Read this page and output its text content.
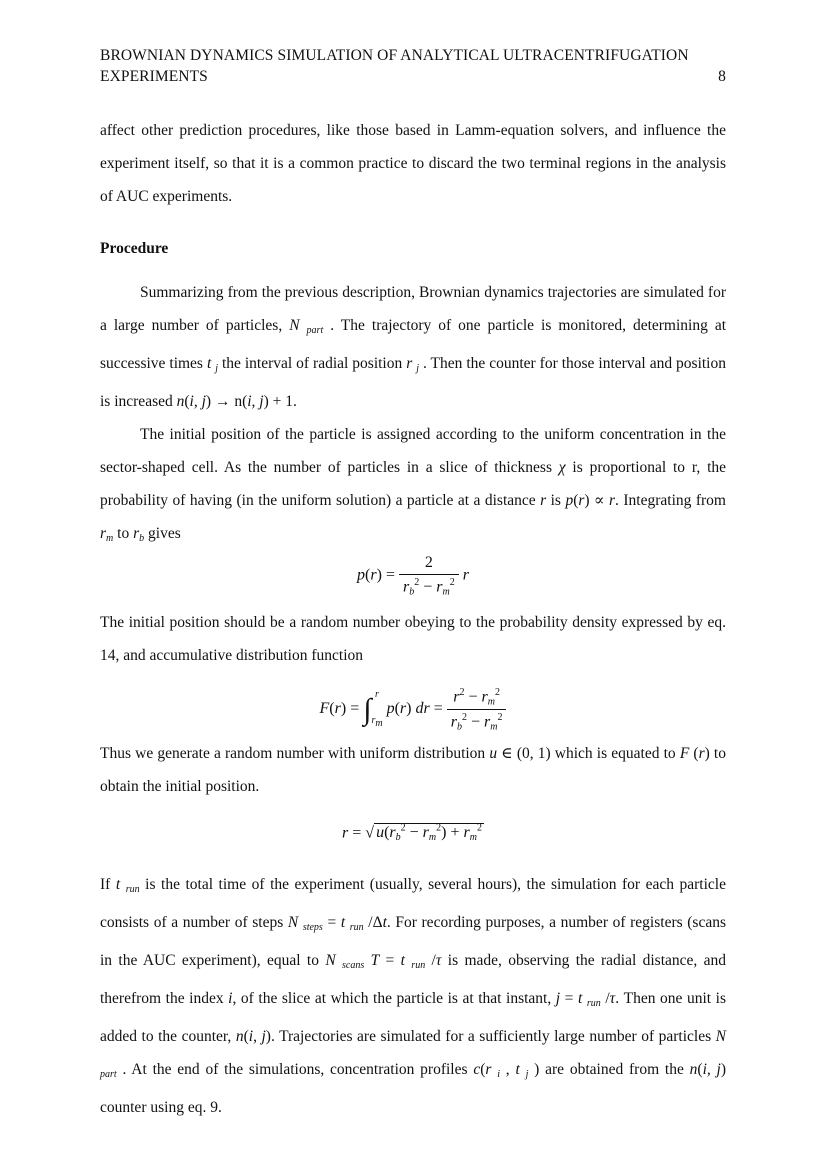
BROWNIAN DYNAMICS SIMULATION OF ANALYTICAL ULTRACENTRIFUGATION
EXPERIMENTS	8
affect other prediction procedures, like those based in Lamm-equation solvers, and influence the experiment itself, so that it is a common practice to discard the two terminal regions in the analysis of AUC experiments.
Procedure
Summarizing from the previous description, Brownian dynamics trajectories are simulated for a large number of particles, N $_{part}$ . The trajectory of one particle is monitored, determining at successive times t $_j$ the interval of radial position r $_j$ . Then the counter for those interval and position is increased n(i, j) → n(i, j) + 1.
The initial position of the particle is assigned according to the uniform concentration in the sector-shaped cell. As the number of particles in a slice of thickness χ is proportional to r, the probability of having (in the uniform solution) a particle at a distance r is p(r) ∝ r. Integrating from $r_m$ to $r_b$ gives
$p(r) = \frac{2}{r_b^2 - r_m^2}$ r
The initial position should be a random number obeying to the probability density expressed by eq. 14, and accumulative distribution function
F(r) = ∫ r
$r_m$
p(r) dr = $\frac{r^2 - r_m^2}{r_b^2 - r_m^2}$
Thus we generate a random number with uniform distribution u ∈ (0, 1) which is equated to F (r) to obtain the initial position.
r = √ $u(r_b^2 - r_m^2) + r_m^2$
If t $_{run}$ is the total time of the experiment (usually, several hours), the simulation for each particle consists of a number of steps N $_{steps}$ = t $_{run}$ /Δt. For recording purposes, a number of registers (scans in the AUC experiment), equal to N $_{scans}$ T = t $_{run}$ /τ is made, observing the radial distance, and therefrom the index i, of the slice at which the particle is at that instant, j = t $_{run}$ /τ. Then one unit is added to the counter, n(i, j). Trajectories are simulated for a sufficiently large number of particles N $_{part}$ . At the end of the simulations, concentration profiles c(r $_i$ , t $_j$ ) are obtained from the n(i, j) counter using eq. 9.
